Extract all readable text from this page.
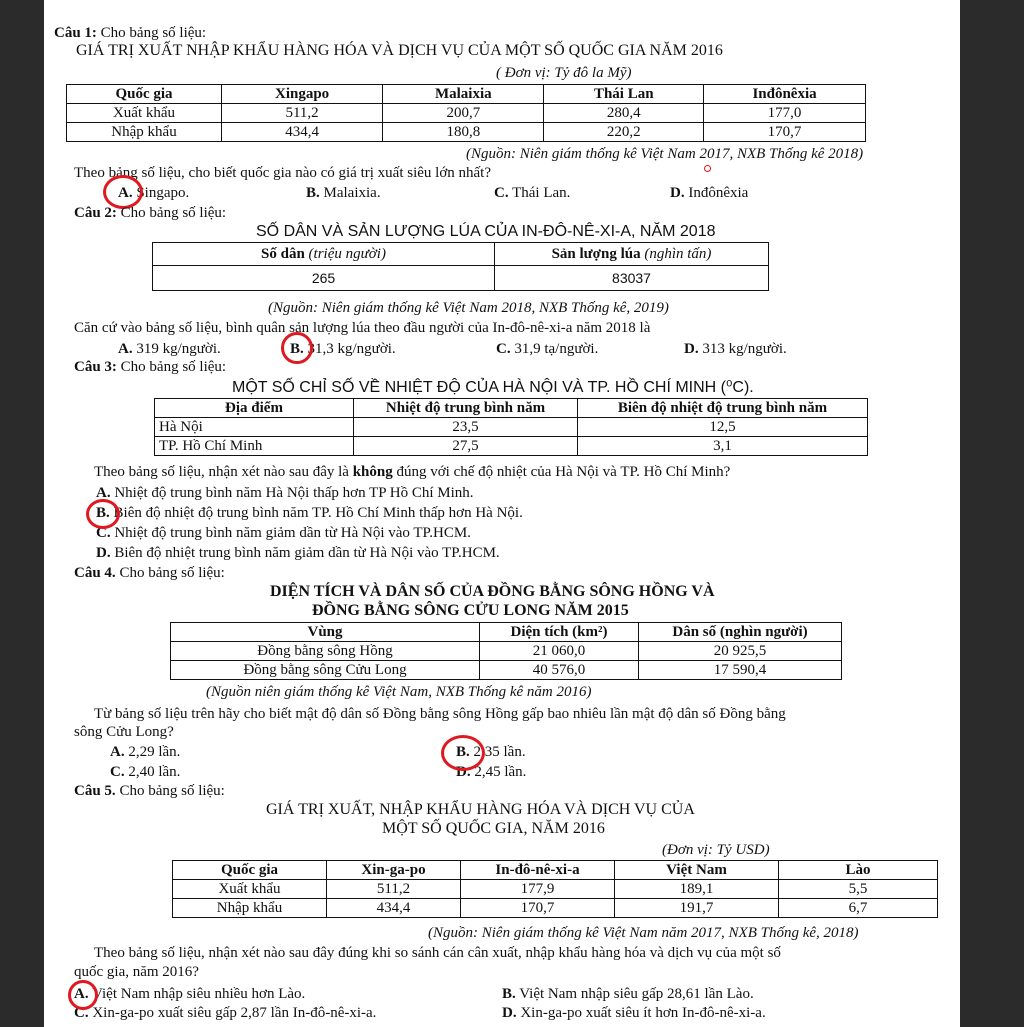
Câu 1: Cho bảng số liệu:
GIÁ TRỊ XUẤT NHẬP KHẨU HÀNG HÓA VÀ DỊCH VỤ CỦA MỘT SỐ QUỐC GIA NĂM 2016
( Đơn vị: Tỷ đô la Mỹ)
Quốc gia	Xingapo	Malaixia	Thái Lan	Inđônêxia
Xuất khẩu	511,2	200,7	280,4	177,0
Nhập khẩu	434,4	180,8	220,2	170,7
(Nguồn: Niên giám thống kê Việt Nam 2017, NXB Thống kê 2018)
Theo bảng số liệu, cho biết quốc gia nào có giá trị xuất siêu lớn nhất?
A. Singapo.	B. Malaixia.	C. Thái Lan.	D. Inđônêxia
Câu 2: Cho bảng số liệu:
SỐ DÂN VÀ SẢN LƯỢNG LÚA CỦA IN-ĐÔ-NÊ-XI-A, NĂM 2018
Số dân (triệu người)	Sản lượng lúa (nghìn tấn)
265	83037
(Nguồn: Niên giám thống kê Việt Nam 2018, NXB Thống kê, 2019)
Căn cứ vào bảng số liệu, bình quân sản lượng lúa theo đầu người của In-đô-nê-xi-a năm 2018 là
A. 319 kg/người.	B. 31,3 kg/người.	C. 31,9 tạ/người.	D. 313 kg/người.
Câu 3: Cho bảng số liệu:
MỘT SỐ CHỈ SỐ VỀ NHIỆT ĐỘ CỦA HÀ NỘI VÀ TP. HỒ CHÍ MINH (⁰C).
Địa điểm	Nhiệt độ trung bình năm	Biên độ nhiệt độ trung bình năm
Hà Nội	23,5	12,5
TP. Hồ Chí Minh	27,5	3,1
Theo bảng số liệu, nhận xét nào sau đây là không đúng với chế độ nhiệt của Hà Nội và TP. Hồ Chí Minh?
A. Nhiệt độ trung bình năm Hà Nội thấp hơn TP Hồ Chí Minh.
B. Biên độ nhiệt độ trung bình năm TP. Hồ Chí Minh thấp hơn Hà Nội.
C. Nhiệt độ trung bình năm giảm dần từ Hà Nội vào TP.HCM.
D. Biên độ nhiệt trung bình năm giảm dần từ Hà Nội vào TP.HCM.
Câu 4. Cho bảng số liệu:
DIỆN TÍCH VÀ DÂN SỐ CỦA ĐỒNG BẰNG SÔNG HỒNG VÀ
ĐỒNG BẰNG SÔNG CỬU LONG NĂM 2015
Vùng	Diện tích (km²)	Dân số (nghìn người)
Đồng bằng sông Hồng	21 060,0	20 925,5
Đồng bằng sông Cửu Long	40 576,0	17 590,4
(Nguồn niên giám thống kê Việt Nam, NXB Thống kê năm 2016)
Từ bảng số liệu trên hãy cho biết mật độ dân số Đồng bằng sông Hồng gấp bao nhiêu lần mật độ dân số Đồng bằng
sông Cửu Long?
A. 2,29 lần.	B. 2,35 lần.
C. 2,40 lần.	D. 2,45 lần.
Câu 5. Cho bảng số liệu:
GIÁ TRỊ XUẤT, NHẬP KHẨU HÀNG HÓA VÀ DỊCH VỤ CỦA
MỘT SỐ QUỐC GIA, NĂM 2016
(Đơn vị: Tỷ USD)
Quốc gia	Xin-ga-po	In-đô-nê-xi-a	Việt Nam	Lào
Xuất khẩu	511,2	177,9	189,1	5,5
Nhập khẩu	434,4	170,7	191,7	6,7
(Nguồn: Niên giám thống kê Việt Nam năm 2017, NXB Thống kê, 2018)
Theo bảng số liệu, nhận xét nào sau đây đúng khi so sánh cán cân xuất, nhập khẩu hàng hóa và dịch vụ của một số
quốc gia, năm 2016?
A. Việt Nam nhập siêu nhiều hơn Lào.	B. Việt Nam nhập siêu gấp 28,61 lần Lào.
C. Xin-ga-po xuất siêu gấp 2,87 lần In-đô-nê-xi-a.	D. Xin-ga-po xuất siêu ít hơn In-đô-nê-xi-a.
